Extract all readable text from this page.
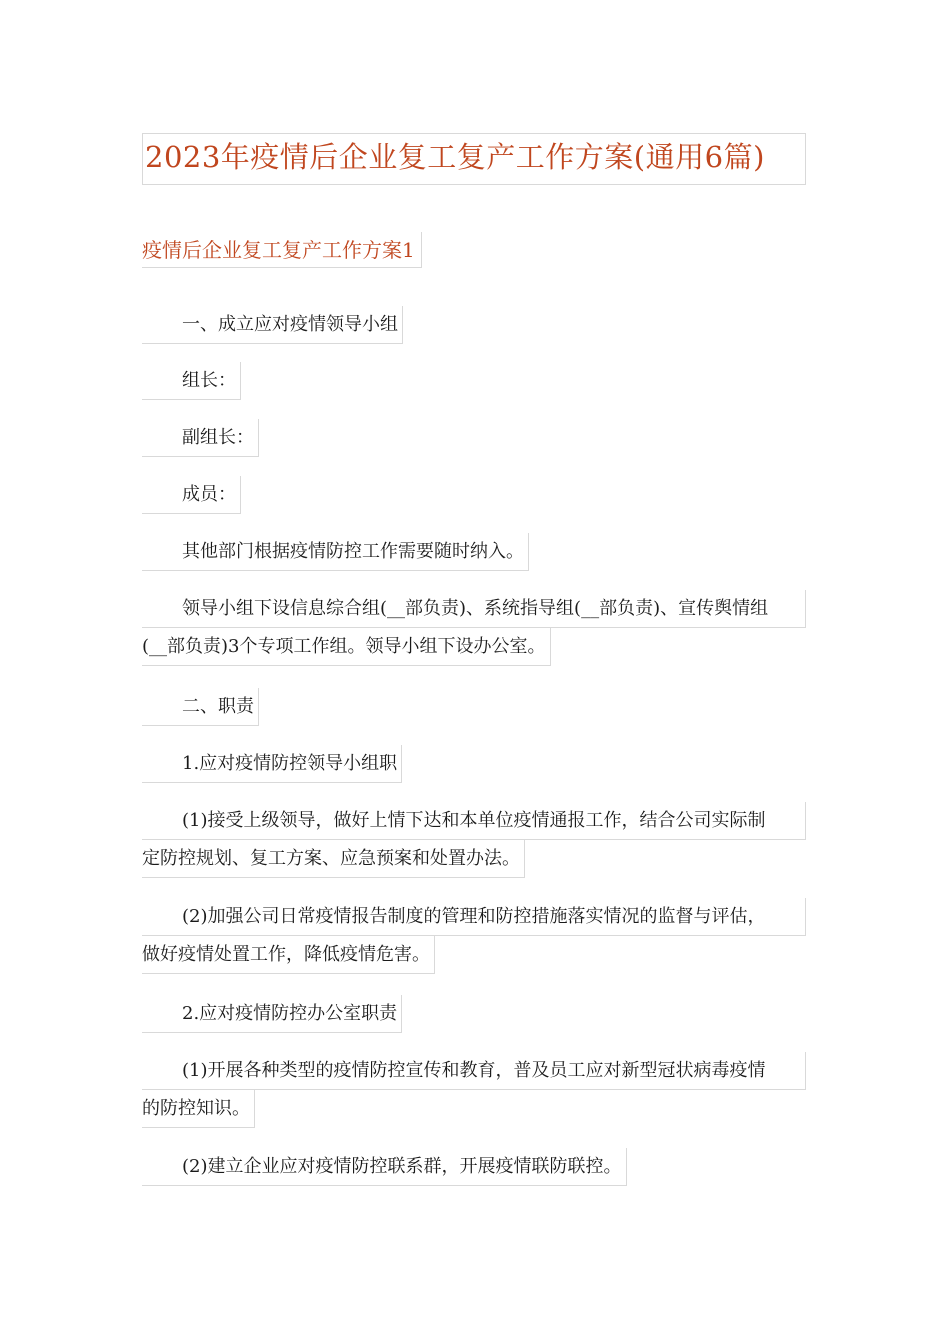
2023年疫情后企业复工复产工作方案(通用6篇)
疫情后企业复工复产工作方案1
一、成立应对疫情领导小组
组长：
副组长：
成员：
其他部门根据疫情防控工作需要随时纳入。
领导小组下设信息综合组(__部负责)、系统指导组(__部负责)、宣传舆情组
(__部负责)3个专项工作组。领导小组下设办公室。
二、职责
1.应对疫情防控领导小组职
(1)接受上级领导，做好上情下达和本单位疫情通报工作，结合公司实际制
定防控规划、复工方案、应急预案和处置办法。
(2)加强公司日常疫情报告制度的管理和防控措施落实情况的监督与评估，
做好疫情处置工作，降低疫情危害。
2.应对疫情防控办公室职责
(1)开展各种类型的疫情防控宣传和教育，普及员工应对新型冠状病毒疫情
的防控知识。
(2)建立企业应对疫情防控联系群，开展疫情联防联控。
